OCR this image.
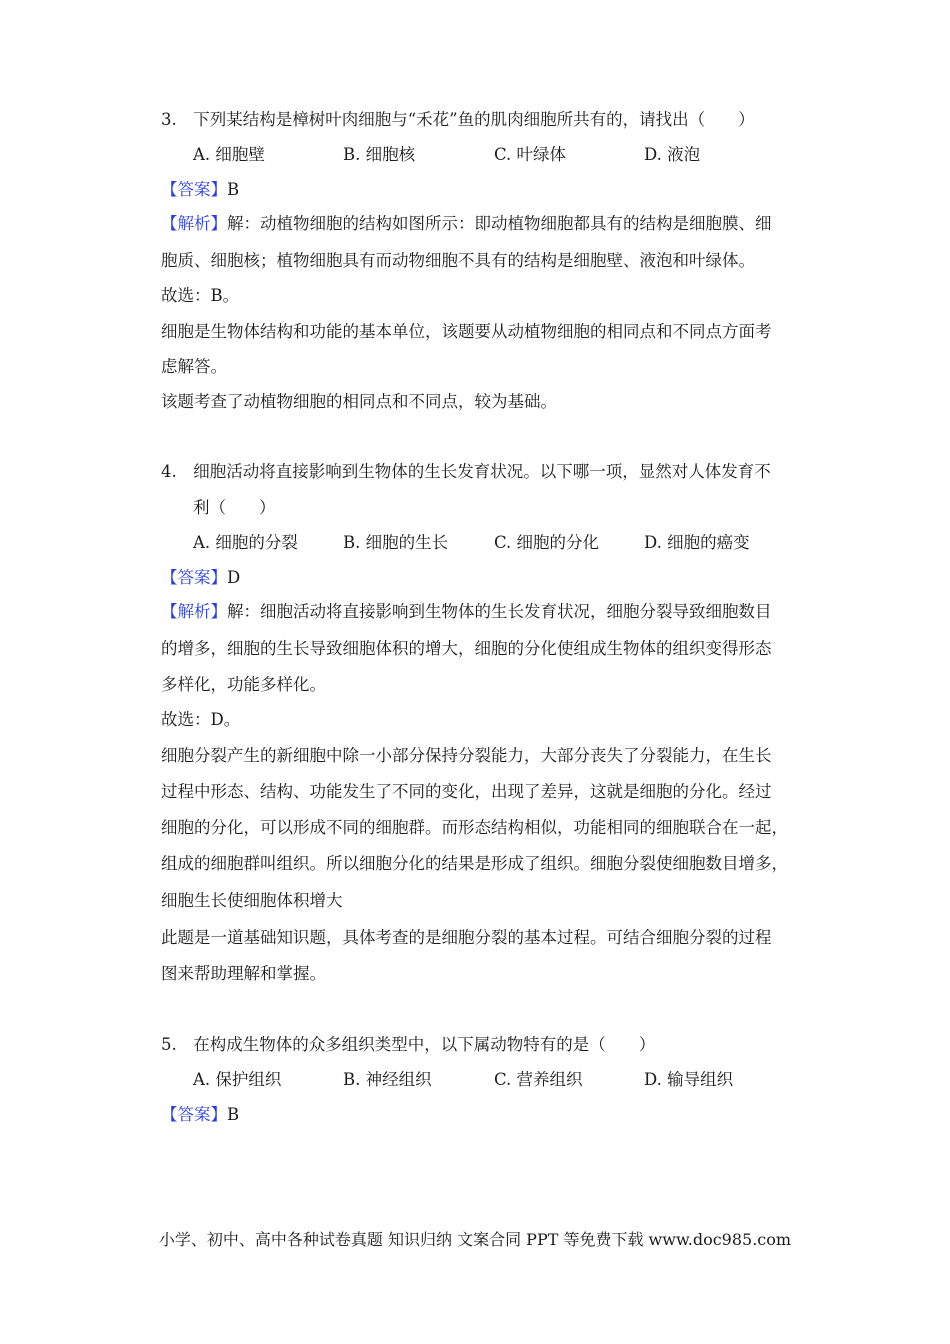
3.　下列某结构是樟树叶肉细胞与“禾花”鱼的肌肉细胞所共有的，请找出（　　）
A. 细胞壁	B. 细胞核	C. 叶绿体	D. 液泡
【答案】B
【解析】解：动植物细胞的结构如图所示：即动植物细胞都具有的结构是细胞膜、细
胞质、细胞核；植物细胞具有而动物细胞不具有的结构是细胞壁、液泡和叶绿体。
故选：B。
细胞是生物体结构和功能的基本单位，该题要从动植物细胞的相同点和不同点方面考
虑解答。
该题考查了动植物细胞的相同点和不同点，较为基础。
4.　细胞活动将直接影响到生物体的生长发育状况。以下哪一项，显然对人体发育不
利（　　）
A. 细胞的分裂	B. 细胞的生长	C. 细胞的分化	D. 细胞的癌变
【答案】D
【解析】解：细胞活动将直接影响到生物体的生长发育状况，细胞分裂导致细胞数目
的增多，细胞的生长导致细胞体积的增大，细胞的分化使组成生物体的组织变得形态
多样化，功能多样化。
故选：D。
细胞分裂产生的新细胞中除一小部分保持分裂能力，大部分丧失了分裂能力，在生长
过程中形态、结构、功能发生了不同的变化，出现了差异，这就是细胞的分化。经过
细胞的分化，可以形成不同的细胞群。而形态结构相似，功能相同的细胞联合在一起，
组成的细胞群叫组织。所以细胞分化的结果是形成了组织。细胞分裂使细胞数目增多，
细胞生长使细胞体积增大
此题是一道基础知识题，具体考查的是细胞分裂的基本过程。可结合细胞分裂的过程
图来帮助理解和掌握。
5.　在构成生物体的众多组织类型中，以下属动物特有的是（　　）
A. 保护组织	B. 神经组织	C. 营养组织	D. 输导组织
【答案】B
小学、初中、高中各种试卷真题 知识归纳 文案合同 PPT 等免费下载 www.doc985.com
